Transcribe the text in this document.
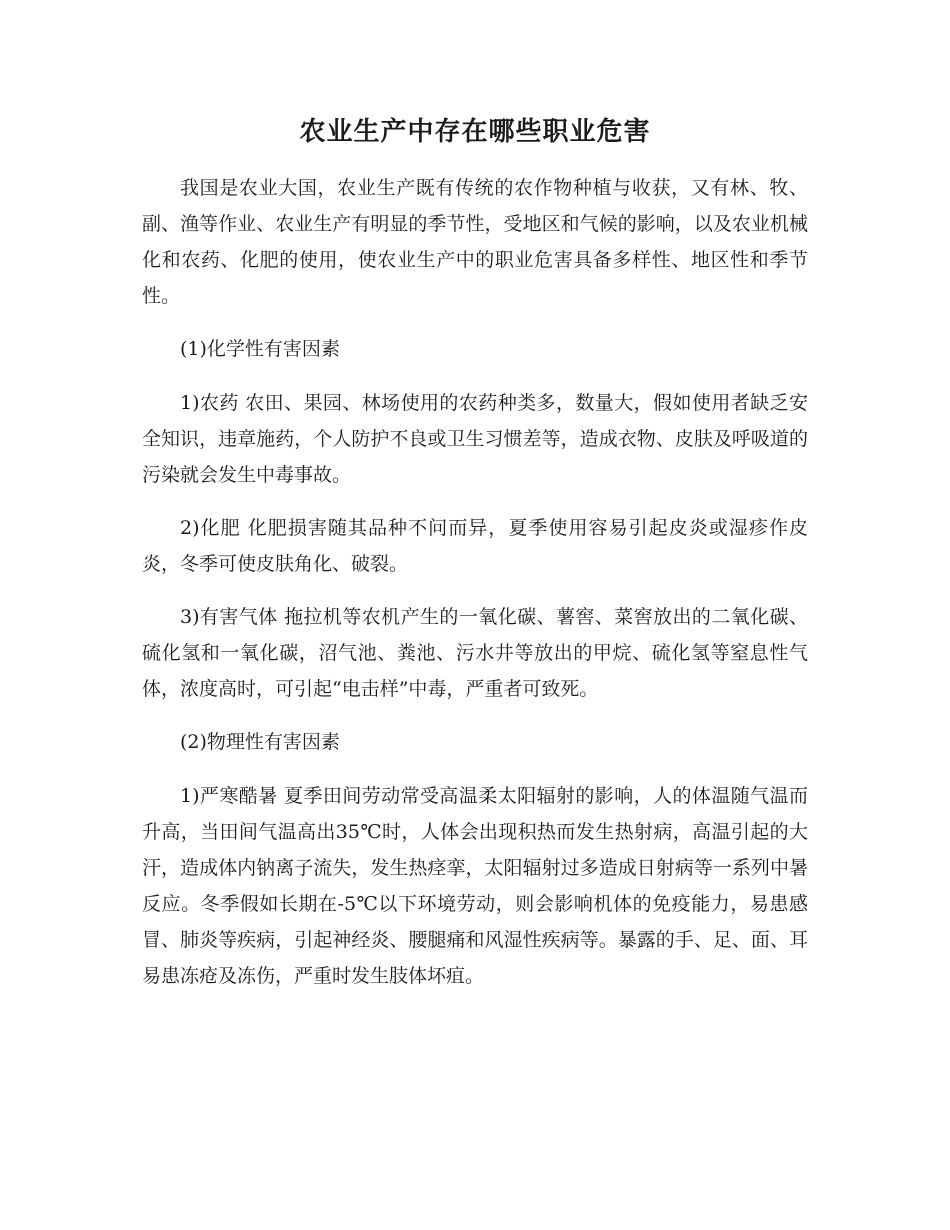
农业生产中存在哪些职业危害

我国是农业大国，农业生产既有传统的农作物种植与收获，又有林、牧、副、渔等作业、农业生产有明显的季节性，受地区和气候的影响，以及农业机械化和农药、化肥的使用，使农业生产中的职业危害具备多样性、地区性和季节性。

(1)化学性有害因素

1)农药 农田、果园、林场使用的农药种类多，数量大，假如使用者缺乏安全知识，违章施药，个人防护不良或卫生习惯差等，造成衣物、皮肤及呼吸道的污染就会发生中毒事故。

2)化肥 化肥损害随其品种不问而异，夏季使用容易引起皮炎或湿疹作皮炎，冬季可使皮肤角化、破裂。

3)有害气体 拖拉机等农机产生的一氧化碳、薯窖、菜窖放出的二氧化碳、硫化氢和一氧化碳，沼气池、粪池、污水井等放出的甲烷、硫化氢等窒息性气体，浓度高时，可引起“电击样”中毒，严重者可致死。

(2)物理性有害因素

1)严寒酷暑 夏季田间劳动常受高温柔太阳辐射的影响，人的体温随气温而升高，当田间气温高出35℃时，人体会出现积热而发生热射病，高温引起的大汗，造成体内钠离子流失，发生热痉挛，太阳辐射过多造成日射病等一系列中暑反应。冬季假如长期在-5℃以下环境劳动，则会影响机体的免疫能力，易患感冒、肺炎等疾病，引起神经炎、腰腿痛和风湿性疾病等。暴露的手、足、面、耳易患冻疮及冻伤，严重时发生肢体坏疽。
